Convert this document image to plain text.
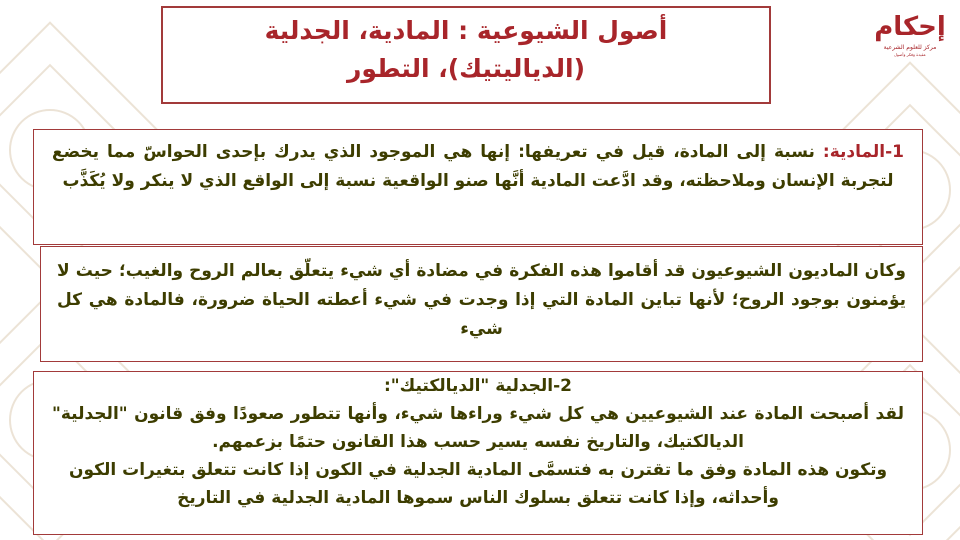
إحكام
مركز للعلوم الشرعية
عقيدة وفكر وأصول
أصول الشيوعية : المادية، الجدلية
(الدياليتيك)، التطور
1-المادية: نسبة إلى المادة، قيل في تعريفها: إنها هي الموجود الذي يدرك بإحدى الحواسّ مما يخضع لتجربة الإنسان وملاحظته، وقد ادَّعت المادية أنَّها صنو الواقعية نسبة إلى الواقع الذي لا ينكر ولا يُكَذَّب
وكان الماديون الشيوعيون قد أقاموا هذه الفكرة في مضادة أي شيء يتعلّق بعالم الروح والغيب؛ حيث لا يؤمنون بوجود الروح؛ لأنها تباين المادة التي إذا وجدت في شيء أعطته الحياة ضرورة، فالمادة هي كل شيء
2-الجدلية "الديالكتيك":
لقد أصبحت المادة عند الشيوعيين هي كل شيء وراءها شيء، وأنها تتطور صعودًا وفق قانون "الجدلية" الديالكتيك، والتاريخ نفسه يسير حسب هذا القانون حتمًا بزعمهم.
وتكون هذه المادة وفق ما تقترن به فتسمَّى المادية الجدلية في الكون إذا كانت تتعلق بتغيرات الكون وأحداثه، وإذا كانت تتعلق بسلوك الناس سموها المادية الجدلية في التاريخ
